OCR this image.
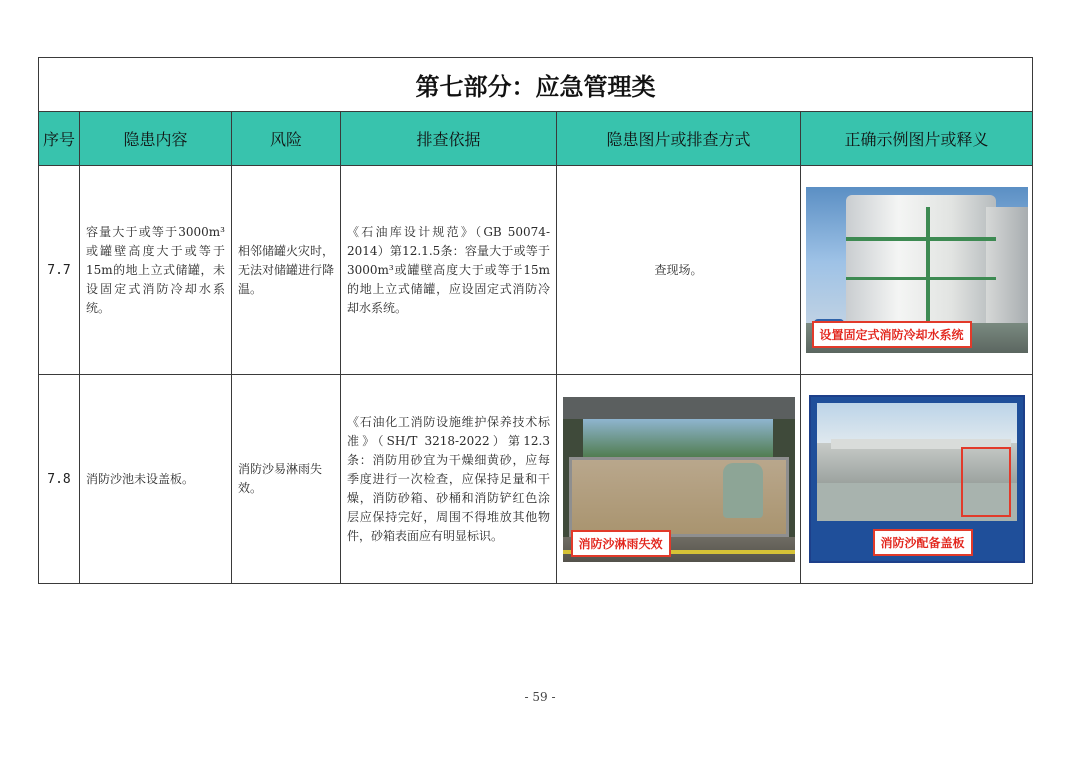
第七部分：应急管理类					
序号	隐患内容	风险	排查依据	隐患图片或排查方式	正确示例图片或释义
7.7	容量大于或等于3000m³或罐壁高度大于或等于15m的地上立式储罐，未设固定式消防冷却水系统。	相邻储罐火灾时，无法对储罐进行降温。	《石油库设计规范》（GB 50074-2014）第12.1.5条：容量大于或等于3000m³或罐壁高度大于或等于15m的地上立式储罐，应设固定式消防冷却水系统。	查现场。	设置固定式消防冷却水系统

7.8	消防沙池未设盖板。	消防沙易淋雨失效。	《石油化工消防设施维护保养技术标准》（SH/T 3218-2022）第12.3条：消防用砂宜为干燥细黄砂，应每季度进行一次检查，应保持足量和干燥，消防砂箱、砂桶和消防铲红色涂层应保持完好，周围不得堆放其他物件，砂箱表面应有明显标识。	消防沙淋雨失效	消防沙配备盖板
- 59 -
